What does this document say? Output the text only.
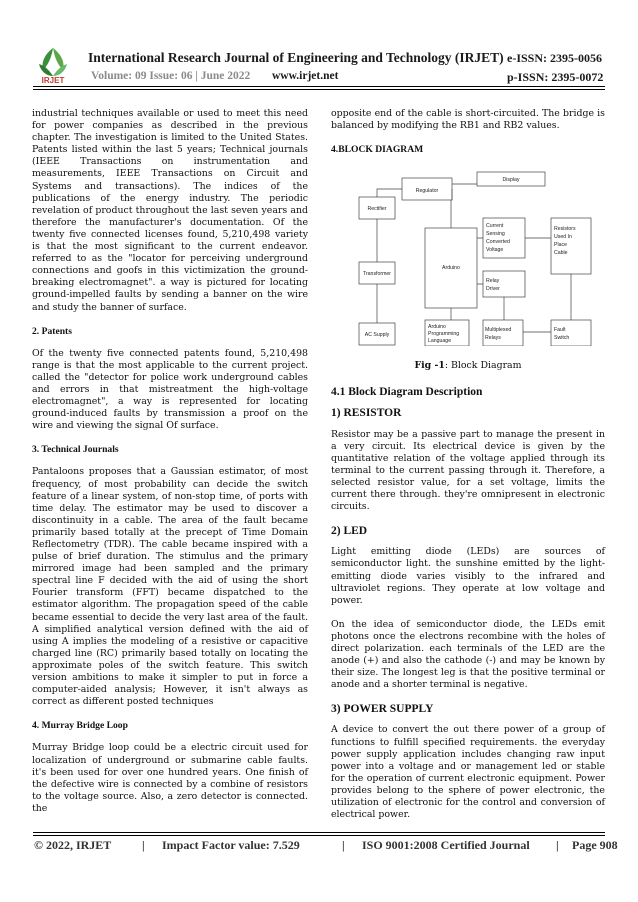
IRJET
International Research Journal of Engineering and Technology (IRJET) e-ISSN: 2395-0056
Volume: 09 Issue: 06 | June 2022 www.irjet.net	p-ISSN: 2395-0072

industrial techniques available or used to meet this need for power companies as described in the previous chapter. The investigation is limited to the United States. Patents listed within the last 5 years; Technical journals (IEEE Transactions on instrumentation and measurements, IEEE Transactions on Circuit and Systems and transactions). The indices of the publications of the energy industry. The periodic revelation of product throughout the last seven years and therefore the manufacturer's documentation. Of the twenty five connected licenses found, 5,210,498 variety is that the most significant to the current endeavor. referred to as the "locator for perceiving underground connections and goofs in this victimization the ground-breaking electromagnet". a way is pictured for locating ground-impelled faults by sending a banner on the wire and study the banner of surface.

2. Patents

Of the twenty five connected patents found, 5,210,498 range is that the most applicable to the current project. called the "detector for police work underground cables and errors in that mistreatment the high-voltage electromagnet", a way is represented for locating ground-induced faults by transmission a proof on the wire and viewing the signal Of surface.

3. Technical Journals

Pantaloons proposes that a Gaussian estimator, of most frequency, of most probability can decide the switch feature of a linear system, of non-stop time, of ports with time delay. The estimator may be used to discover a discontinuity in a cable. The area of the fault became primarily based totally at the precept of Time Domain Reflectometry (TDR). The cable became inspired with a pulse of brief duration. The stimulus and the primary mirrored image had been sampled and the primary spectral line F decided with the aid of using the short Fourier transform (FFT) became dispatched to the estimator algorithm. The propagation speed of the cable became essential to decide the very last area of the fault. A simplified analytical version defined with the aid of using A implies the modeling of a resistive or capacitive charged line (RC) primarily based totally on locating the approximate poles of the switch feature. This switch version ambitions to make it simpler to put in force a computer-aided analysis; However, it isn't always as correct as different posted techniques

4. Murray Bridge Loop

Murray Bridge loop could be a electric circuit used for localization of underground or submarine cable faults. it's been used for over one hundred years. One finish of the defective wire is connected by a combine of resistors to the voltage source. Also, a zero detector is connected. the

opposite end of the cable is short-circuited. The bridge is balanced by modifying the RB1 and RB2 values.

4.BLOCK DIAGRAM
Regulator
Display
Rectifier
Transformer
AC Supply
Arduino
Arduino
Programming
Language
Current
Sensing
Converted
Voltage
Relay
Driver
Multiplexed
Relays
Resistors
Used In
Place
Cable
Fault
Switch
Fig -1: Block Diagram
4.1 Block Diagram Description
1) RESISTOR

Resistor may be a passive part to manage the present in a very circuit. Its electrical device is given by the quantitative relation of the voltage applied through its terminal to the current passing through it. Therefore, a selected resistor value, for a set voltage, limits the current there through. they're omnipresent in electronic circuits.

2) LED

Light emitting diode (LEDs) are sources of semiconductor light. the sunshine emitted by the light-emitting diode varies visibly to the infrared and ultraviolet regions. They operate at low voltage and power.

On the idea of semiconductor diode, the LEDs emit photons once the electrons recombine with the holes of direct polarization. each terminals of the LED are the anode (+) and also the cathode (-) and may be known by their size. The longest leg is that the positive terminal or anode and a shorter terminal is negative.

3) POWER SUPPLY

A device to convert the out there power of a group of functions to fulfill specified requirements. the everyday power supply application includes changing raw input power into a voltage and or management led or stable for the operation of current electronic equipment. Power provides belong to the sphere of power electronic, the utilization of electronic for the control and conversion of electrical power.

© 2022, IRJET	| Impact Factor value: 7.529	| ISO 9001:2008 Certified Journal | Page 908
